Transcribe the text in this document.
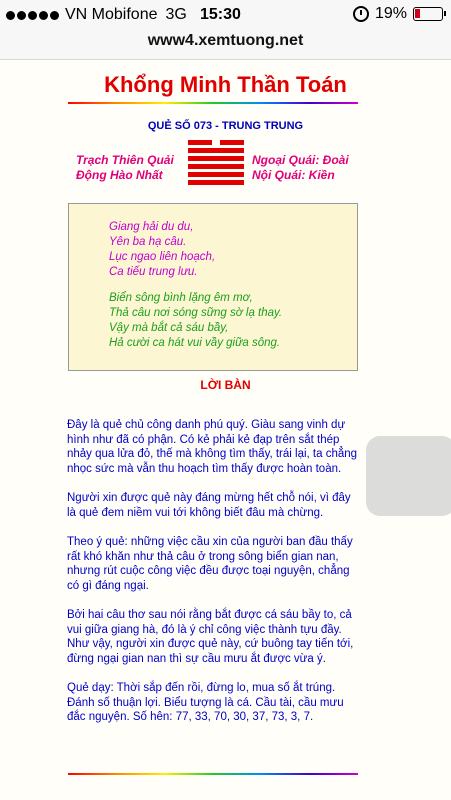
VN Mobifone 3G 15:30	19%
www4.xemtuong.net
Khổng Minh Thần Toán
QUẺ SỐ 073 - TRUNG TRUNG
Trạch Thiên Quải
Động Hào Nhất
Ngoại Quái: Đoài
Nội Quái: Kiền
Giang hải du du,
Yên ba hạ câu.
Lục ngao liên hoạch,
Ca tiếu trung lưu.
Biển sông bình lặng êm mơ,
Thả câu nơi sóng sững sờ lạ thay.
Vậy mà bắt cả sáu bầy,
Hả cười ca hát vui vầy giữa sông.
LỜI BÀN

Đây là quẻ chủ công danh phú quý. Giàu sang vinh dự hình như đã có phận. Có kẻ phải kẻ đạp trên sắt thép nhảy qua lửa đỏ, thế mà không tìm thấy, trái lại, ta chẳng nhọc sức mà vẫn thu hoạch tìm thấy được hoàn toàn.

Người xin được quẻ này đáng mừng hết chỗ nói, vì đây là quẻ đem niềm vui tới không biết đâu mà chừng.

Theo ý quẻ: những việc cầu xin của người ban đầu thấy rất khó khăn như thả câu ở trong sông biển gian nan, nhưng rút cuộc công việc đều được toại nguyện, chẳng có gì đáng ngại.

Bởi hai câu thơ sau nói rằng bắt được cá sáu bầy to, cả vui giữa giang hà, đó là ý chỉ công việc thành tựu đầy. Như vậy, người xin được quẻ này, cứ buông tay tiến tới, đừng ngại gian nan thì sự cầu mưu ắt được vừa ý.

Quẻ dạy: Thời sắp đến rồi, đừng lo, mua số ắt trúng. Đánh số thuận lợi. Biểu tượng là cá. Cầu tài, cầu mưu đắc nguyện. Số hên: 77, 33, 70, 30, 37, 73, 3, 7.
